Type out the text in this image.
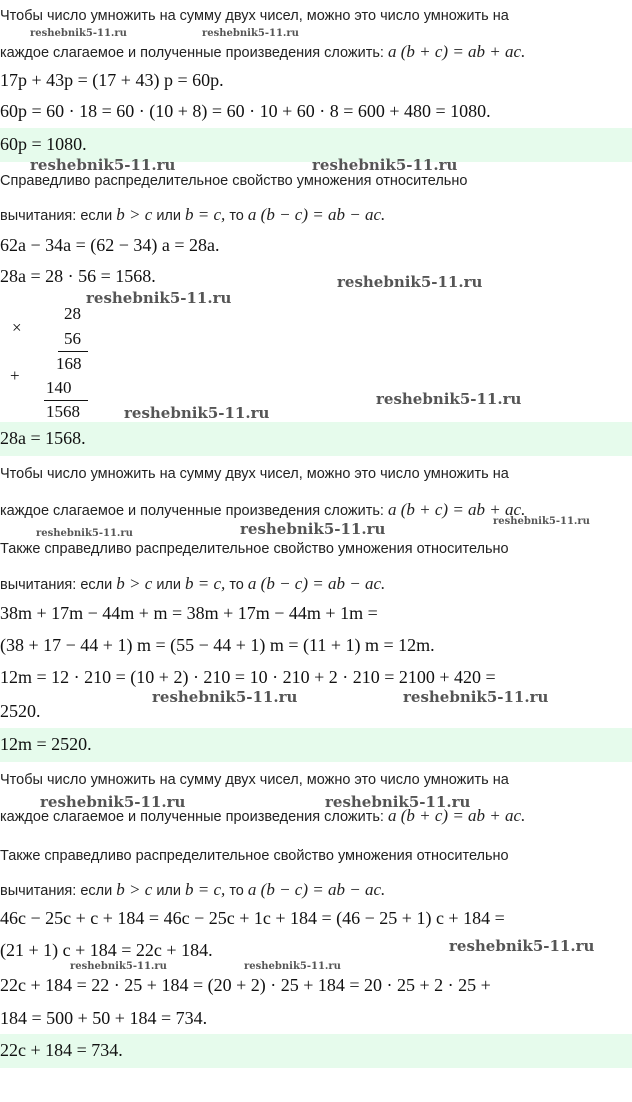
Чтобы число умножить на сумму двух чисел, можно это число умножить на
каждое слагаемое и полученные произведения сложить: a (b + c) = ab + ac.
17p + 43p = (17 + 43) p = 60p.
60p = 60 · 18 = 60 · (10 + 8) = 60 · 10 + 60 · 8 = 600 + 480 = 1080.
60p = 1080.
Справедливо распределительное свойство умножения относительно
вычитания: если b > c или b = c, то a (b − c) = ab − ac.
62a − 34a = (62 − 34) a = 28a.
28a = 28 · 56 = 1568.
×
28
56
168
+
140
1568
28a = 1568.
Чтобы число умножить на сумму двух чисел, можно это число умножить на
каждое слагаемое и полученные произведения сложить: a (b + c) = ab + ac.
Также справедливо распределительное свойство умножения относительно
вычитания: если b > c или b = c, то a (b − c) = ab − ac.
38m + 17m − 44m + m = 38m + 17m − 44m + 1m =
(38 + 17 − 44 + 1) m = (55 − 44 + 1) m = (11 + 1) m = 12m.
12m = 12 · 210 = (10 + 2) · 210 = 10 · 210 + 2 · 210 = 2100 + 420 =
2520.
12m = 2520.
Чтобы число умножить на сумму двух чисел, можно это число умножить на
каждое слагаемое и полученные произведения сложить: a (b + c) = ab + ac.
Также справедливо распределительное свойство умножения относительно
вычитания: если b > c или b = c, то a (b − c) = ab − ac.
46c − 25c + c + 184 = 46c − 25c + 1c + 184 = (46 − 25 + 1) c + 184 =
(21 + 1) c + 184 = 22c + 184.
22c + 184 = 22 · 25 + 184 = (20 + 2) · 25 + 184 = 20 · 25 + 2 · 25 +
184 = 500 + 50 + 184 = 734.
22c + 184 = 734.
reshebnik5-11.ru	reshebnik5-11.ru
reshebnik5-11.ru	reshebnik5-11.ru
reshebnik5-11.ru
reshebnik5-11.ru
reshebnik5-11.ru
reshebnik5-11.ru
reshebnik5-11.ru	reshebnik5-11.ru	reshebnik5-11.ru
reshebnik5-11.ru	reshebnik5-11.ru
reshebnik5-11.ru	reshebnik5-11.ru
reshebnik5-11.ru
reshebnik5-11.ru	reshebnik5-11.ru
